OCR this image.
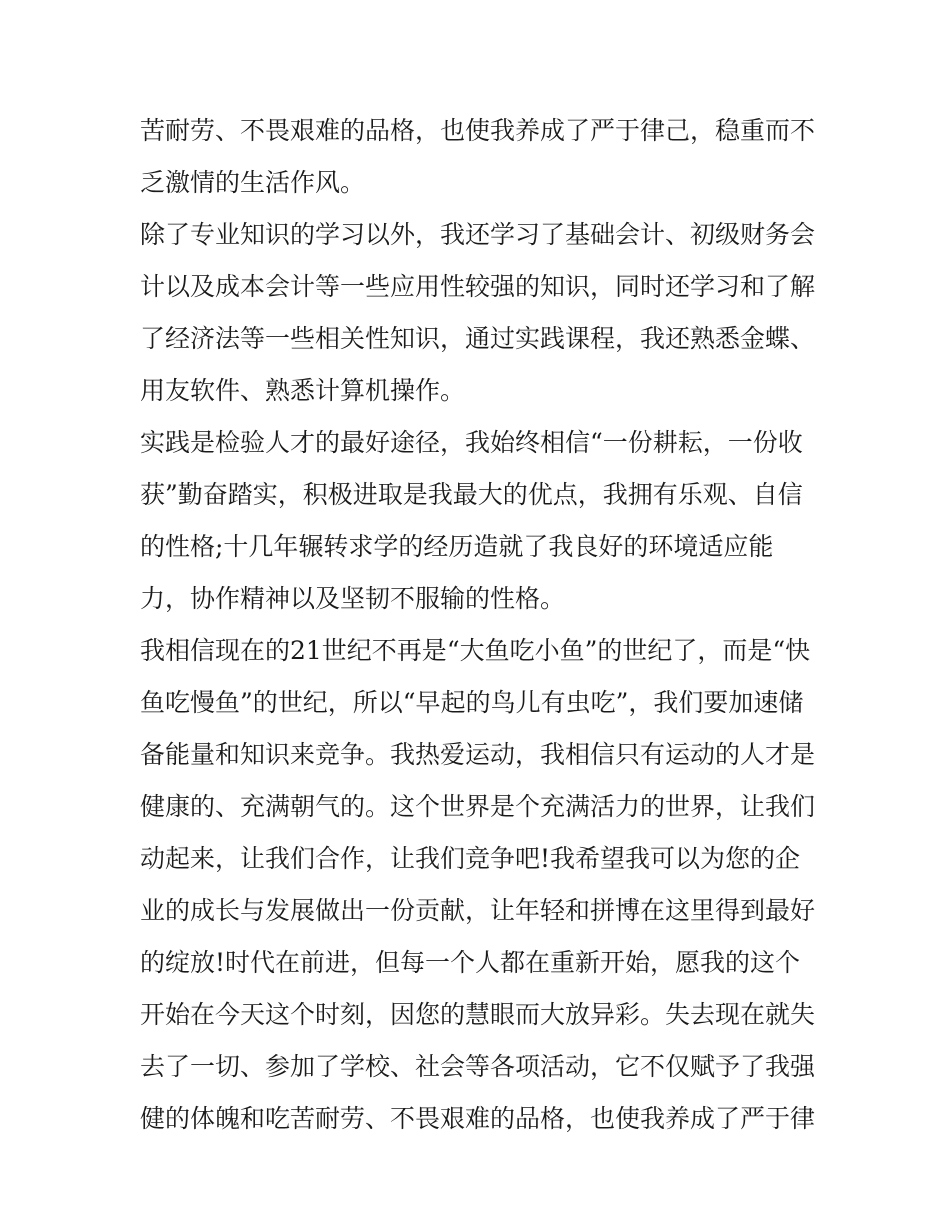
苦耐劳、不畏艰难的品格，也使我养成了严于律己，稳重而不
乏激情的生活作风。
除了专业知识的学习以外，我还学习了基础会计、初级财务会
计以及成本会计等一些应用性较强的知识，同时还学习和了解
了经济法等一些相关性知识，通过实践课程，我还熟悉金蝶、
用友软件、熟悉计算机操作。
实践是检验人才的最好途径，我始终相信“一份耕耘，一份收
获”勤奋踏实，积极进取是我最大的优点，我拥有乐观、自信
的性格;十几年辗转求学的经历造就了我良好的环境适应能
力，协作精神以及坚韧不服输的性格。
我相信现在的21世纪不再是“大鱼吃小鱼”的世纪了，而是“快
鱼吃慢鱼”的世纪，所以“早起的鸟儿有虫吃”，我们要加速储
备能量和知识来竞争。我热爱运动，我相信只有运动的人才是
健康的、充满朝气的。这个世界是个充满活力的世界，让我们
动起来，让我们合作，让我们竞争吧!我希望我可以为您的企
业的成长与发展做出一份贡献，让年轻和拼博在这里得到最好
的绽放!时代在前进，但每一个人都在重新开始，愿我的这个
开始在今天这个时刻，因您的慧眼而大放异彩。失去现在就失
去了一切、参加了学校、社会等各项活动，它不仅赋予了我强
健的体魄和吃苦耐劳、不畏艰难的品格，也使我养成了严于律
